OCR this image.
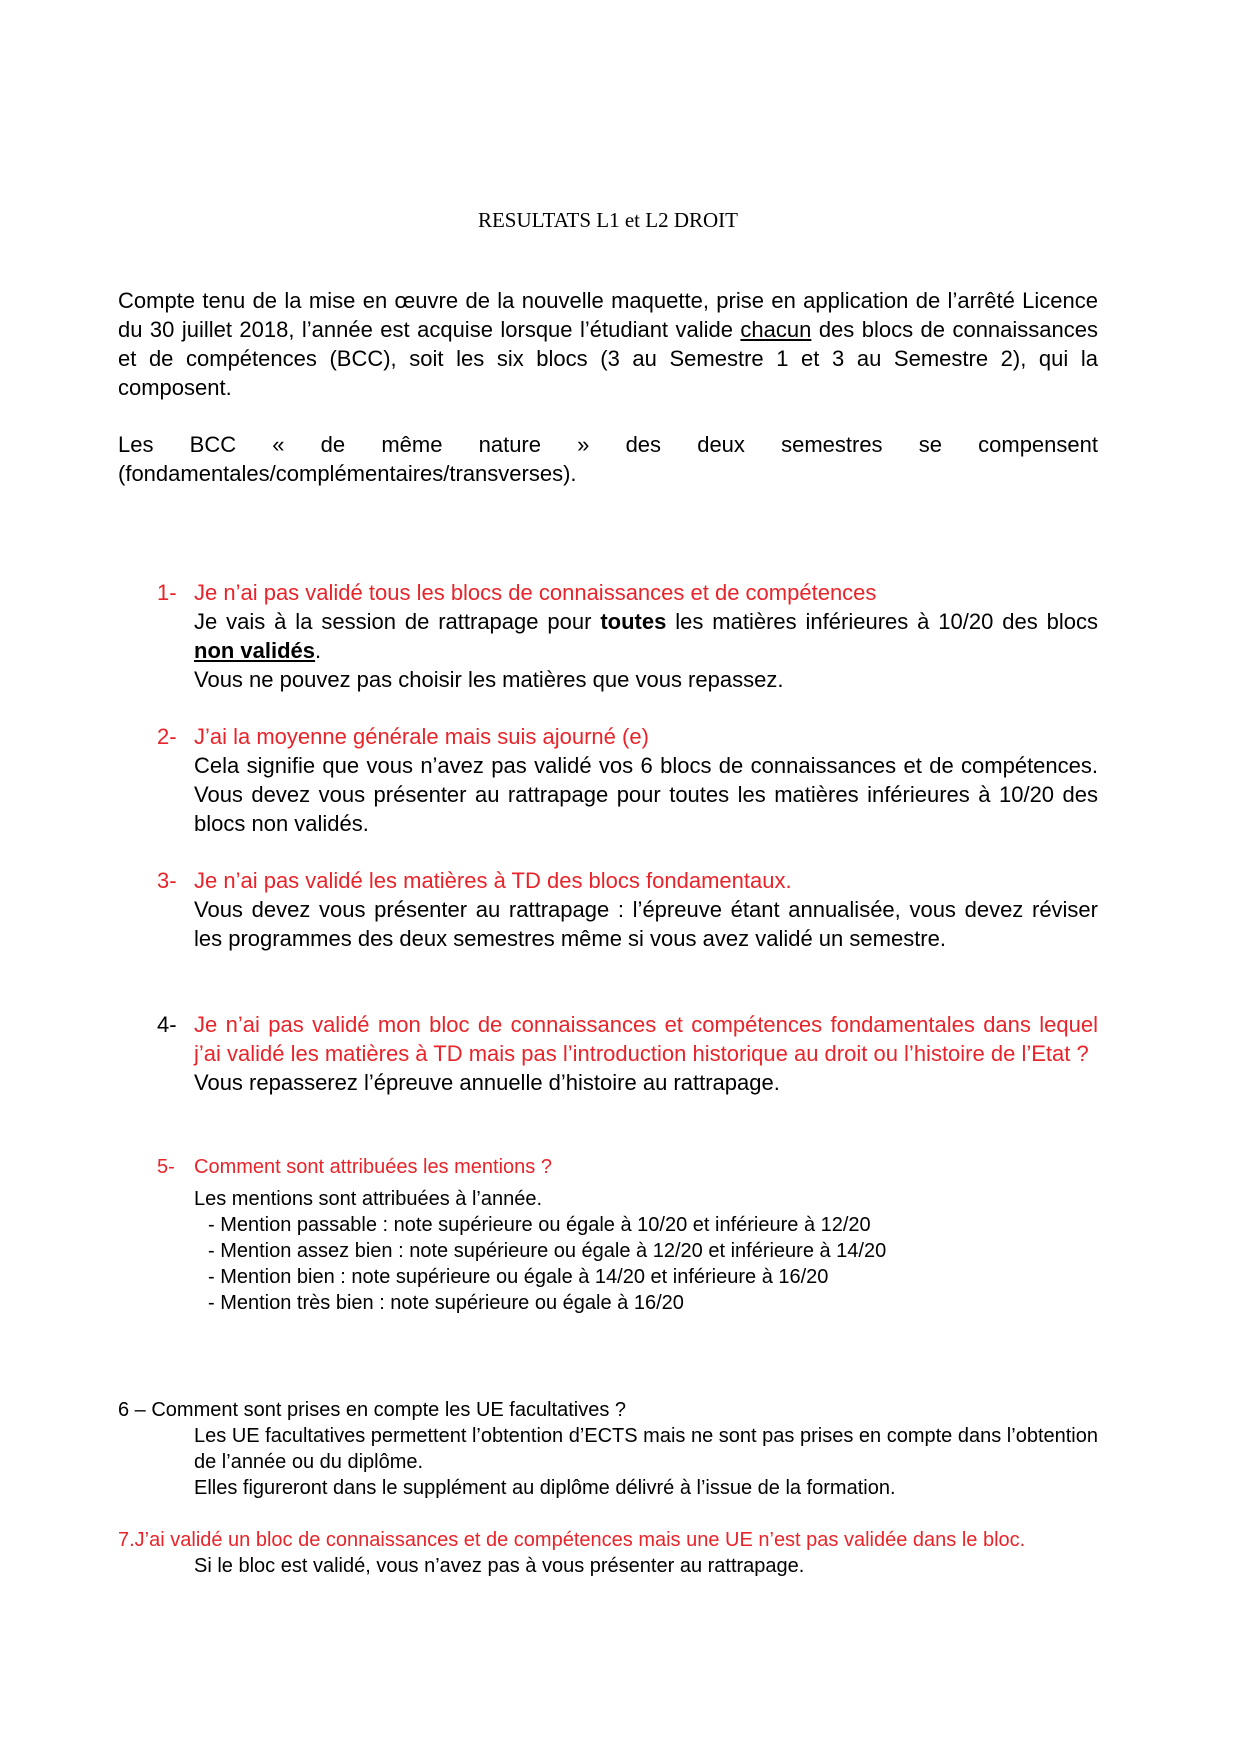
RESULTATS L1 et L2 DROIT
Compte tenu de la mise en œuvre de la nouvelle maquette, prise en application de l’arrêté Licence du 30 juillet 2018, l’année est acquise lorsque l’étudiant valide chacun des blocs de connaissances et de compétences (BCC), soit les six blocs (3 au Semestre 1 et 3 au Semestre 2), qui la composent.
Les BCC « de même nature » des deux semestres se compensent (fondamentales/complémentaires/transverses).
1- Je n’ai pas validé tous les blocs de connaissances et de compétences
Je vais à la session de rattrapage pour toutes les matières inférieures à 10/20 des blocs non validés.
Vous ne pouvez pas choisir les matières que vous repassez.
2- J’ai la moyenne générale mais suis ajourné (e)
Cela signifie que vous n’avez pas validé vos 6 blocs de connaissances et de compétences. Vous devez vous présenter au rattrapage pour toutes les matières inférieures à 10/20 des blocs non validés.
3- Je n’ai pas validé les matières à TD des blocs fondamentaux.
Vous devez vous présenter au rattrapage : l’épreuve étant annualisée, vous devez réviser les programmes des deux semestres même si vous avez validé un semestre.
4- Je n’ai pas validé mon bloc de connaissances et compétences fondamentales dans lequel j’ai validé les matières à TD mais pas l’introduction historique au droit ou l’histoire de l’Etat ?
Vous repasserez l’épreuve annuelle d’histoire au rattrapage.
5- Comment sont attribuées les mentions ?
Les mentions sont attribuées à l’année.
- Mention passable : note supérieure ou égale à 10/20 et inférieure à 12/20
- Mention assez bien : note supérieure ou égale à 12/20 et inférieure à 14/20
- Mention bien : note supérieure ou égale à 14/20 et inférieure à 16/20
- Mention très bien : note supérieure ou égale à 16/20
6 – Comment sont prises en compte les UE facultatives ?
Les UE facultatives permettent l’obtention d’ECTS mais ne sont pas prises en compte dans l’obtention de l’année ou du diplôme.
Elles figureront dans le supplément au diplôme délivré à l’issue de la formation.
7.J’ai validé un bloc de connaissances et de compétences mais une UE n’est pas validée dans le bloc.
Si le bloc est validé, vous n’avez pas à vous présenter au rattrapage.
